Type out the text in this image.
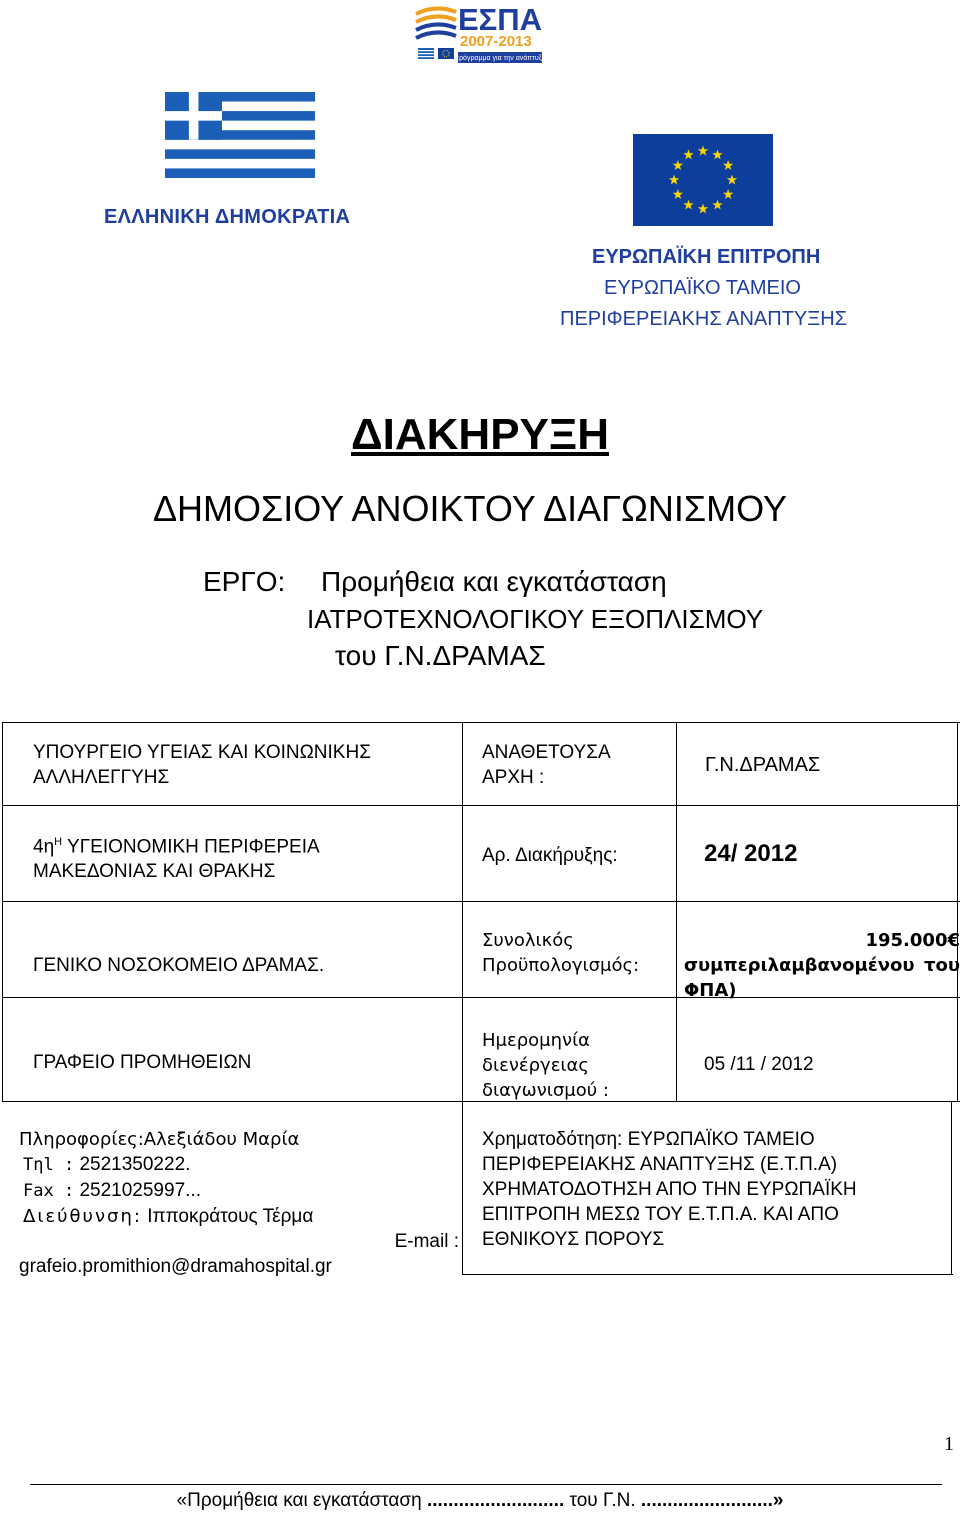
ΕΣΠΑ
2007-2013
πρόγραμμα για την ανάπτυξη
ΕΛΛΗΝΙΚΗ ΔΗΜΟΚΡΑΤΙΑ
ΕΥΡΩΠΑΪΚΗ ΕΠΙΤΡΟΠΗ
ΕΥΡΩΠΑΪΚΟ ΤΑΜΕΙΟ
ΠΕΡΙΦΕΡΕΙΑΚΗΣ ΑΝΑΠΤΥΞΗΣ
ΔΙΑΚΗΡΥΞΗ
ΔΗΜΟΣΙΟΥ ΑΝΟΙΚΤΟΥ ΔΙΑΓΩΝΙΣΜΟΥ
ΕΡΓΟ: Προμήθεια και εγκατάσταση
ΙΑΤΡΟΤΕΧΝΟΛΟΓΙΚΟΥ ΕΞΟΠΛΙΣΜΟΥ
του Γ.Ν.ΔΡΑΜΑΣ
ΥΠΟΥΡΓΕΙΟ ΥΓΕΙΑΣ ΚΑΙ ΚΟΙΝΩΝΙΚΗΣ
ΑΛΛΗΛΕΓΓΥΗΣ
ΑΝΑΘΕΤΟΥΣΑ
ΑΡΧΗ :
Γ.Ν.ΔΡΑΜΑΣ
$4\eta^H$ ΥΓΕΙΟΝΟΜΙΚΗ ΠΕΡΙΦΕΡΕΙΑ
ΜΑΚΕΔΟΝΙΑΣ ΚΑΙ ΘΡΑΚΗΣ
Αρ. Διακήρυξης:	24/ 2012
ΓΕΝΙΚΟ ΝΟΣΟΚΟΜΕΙΟ ΔΡΑΜΑΣ.
Συνολικός
Προϋπολογισμός:
195.000€
συμπεριλαμβανομένου του
ΦΠΑ)
ΓΡΑΦΕΙΟ ΠΡΟΜΗΘΕΙΩΝ
Ημερομηνία
διενέργειας
διαγωνισμού :
05 /11 / 2012
Πληροφορίες:Αλεξιάδου Μαρία
Τηl : 2521350222.
Fax : 2521025997...
Διεύθυνση: Ιπποκράτους Τέρμα
E-mail :
grafeio.promithion@dramahospital.gr
Χρηματοδότηση: ΕΥΡΩΠΑΪΚΟ ΤΑΜΕΙΟ
ΠΕΡΙΦΕΡΕΙΑΚΗΣ ΑΝΑΠΤΥΞΗΣ (Ε.Τ.Π.Α)
ΧΡΗΜΑΤΟΔΟΤΗΣΗ ΑΠΟ ΤΗΝ ΕΥΡΩΠΑΪΚΗ
ΕΠΙΤΡΟΠΗ ΜΕΣΩ ΤΟΥ Ε.Τ.Π.Α. ΚΑΙ ΑΠΟ
ΕΘΝΙΚΟΥΣ ΠΟΡΟΥΣ
1
«Προμήθεια και εγκατάσταση .......................... του Γ.Ν. .........................»
